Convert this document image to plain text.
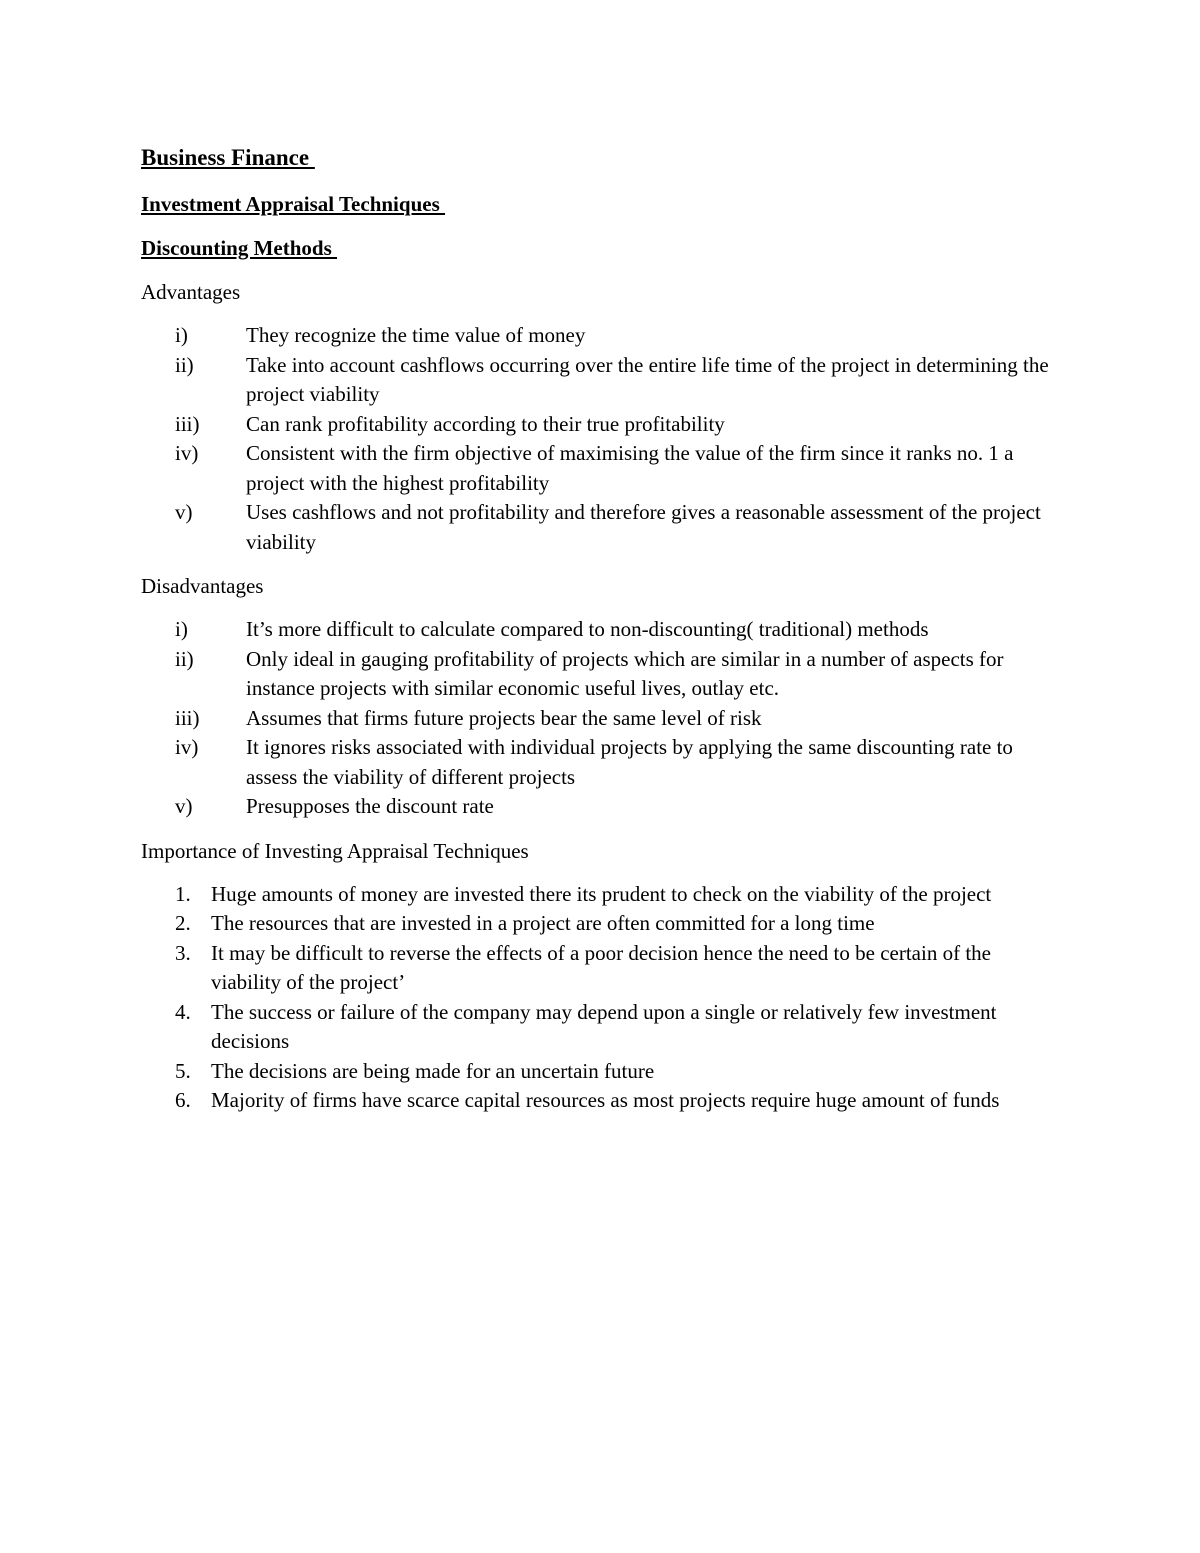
Business Finance
Investment Appraisal Techniques
Discounting Methods

Advantages

i)	They recognize the time value of money
ii)	Take into account cashflows occurring over the entire life time of the project in determining the project viability
iii)	Can rank profitability according to their true profitability
iv)	Consistent with the firm objective of maximising the value of the firm since it ranks no. 1 a project with the highest profitability
v)	Uses cashflows and not profitability and therefore gives a reasonable assessment of the project viability

Disadvantages

i)	It’s more difficult to calculate compared to non-discounting( traditional) methods
ii)	Only ideal in gauging profitability of projects which are similar in a number of aspects for instance projects with similar economic useful lives, outlay etc.
iii)	Assumes that firms future projects bear the same level of risk
iv)	It ignores risks associated with individual projects by applying the same discounting rate to assess the viability of different projects
v)	Presupposes the discount rate

Importance of Investing Appraisal Techniques

1. Huge amounts of money are invested there its prudent to check on the viability of the project
2. The resources that are invested in a project are often committed for a long time
3. It may be difficult to reverse the effects of a poor decision hence the need to be certain of the viability of the project’
4. The success or failure of the company may depend upon a single or relatively few investment decisions
5. The decisions are being made for an uncertain future
6. Majority of firms have scarce capital resources as most projects require huge amount of funds
